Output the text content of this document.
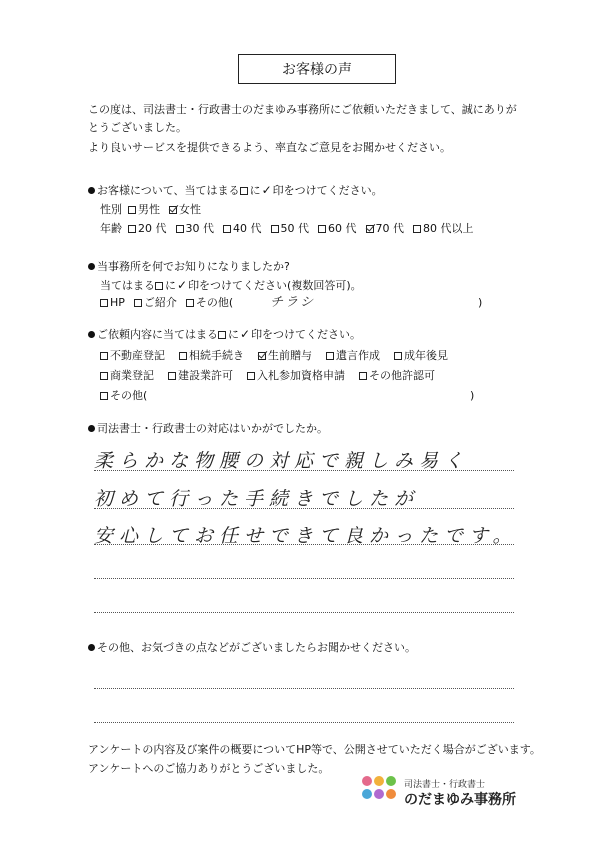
お客様の声
この度は、司法書士・行政書士のだまゆみ事務所にご依頼いただきまして、誠にありが
とうございました。
より良いサービスを提供できるよう、率直なご意見をお聞かせください。
お客様について、当てはまる に ✓ 印をつけてください。
性別 男性 女性
年齢 20 代 30 代 40 代 50 代 60 代 70 代 80 代以上
当事務所を何でお知りになりましたか?
当てはまる に ✓ 印をつけてください(複数回答可)。
HP ご紹介 その他(	チラシ	)
ご依頼内容に当てはまる に ✓ 印をつけてください。
不動産登記 相続手続き 生前贈与 遺言作成 成年後見
商業登記 建設業許可 入札参加資格申請 その他許認可
その他(	)
司法書士・行政書士の対応はいかがでしたか。
柔らかな物腰の対応で親しみ易く
初めて行った手続きでしたが
安心してお任せできて良かったです。
その他、お気づきの点などがございましたらお聞かせください。
アンケートの内容及び案件の概要についてHP等で、公開させていただく場合がございます。
アンケートへのご協力ありがとうございました。
司法書士・行政書士
のだまゆみ事務所
